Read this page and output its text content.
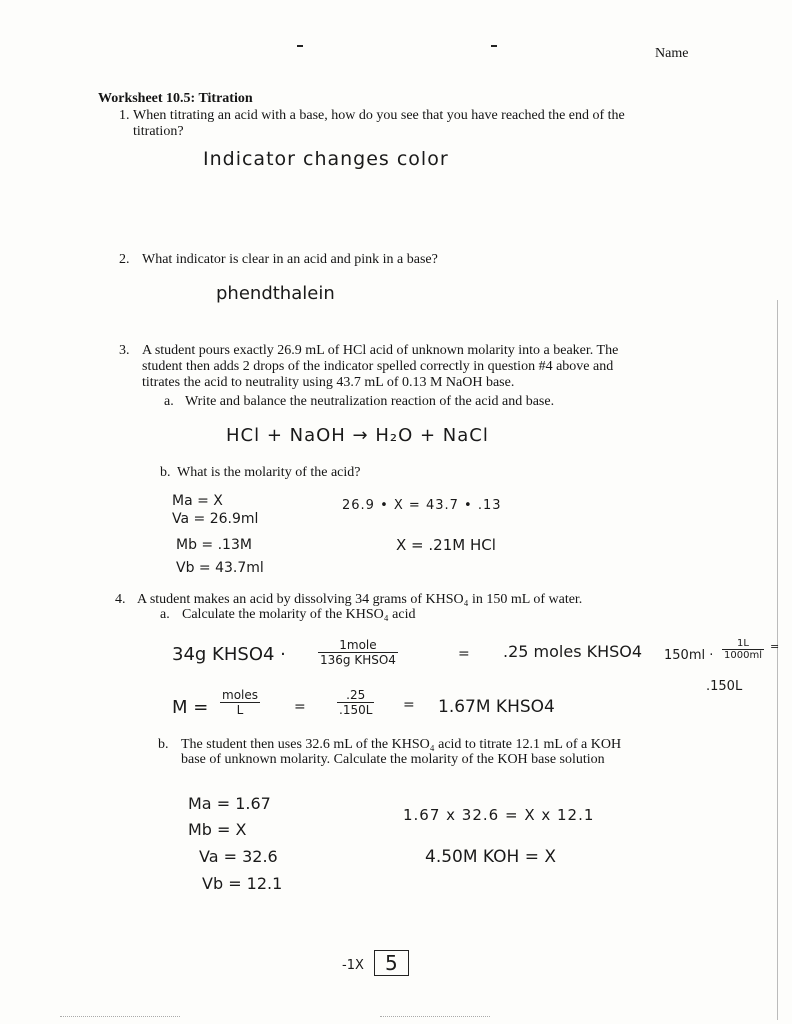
Name
Worksheet 10.5: Titration
1. When titrating an acid with a base, how do you see that you have reached the end of the
titration?
Indicator changes color
2. What indicator is clear in an acid and pink in a base?
phendthalein
3. A student pours exactly 26.9 mL of HCl acid of unknown molarity into a beaker. The
student then adds 2 drops of the indicator spelled correctly in question #4 above and
titrates the acid to neutrality using 43.7 mL of 0.13 M NaOH base.
a. Write and balance the neutralization reaction of the acid and base.
HCl + NaOH → H₂O + NaCl
b. What is the molarity of the acid?
Ma = X
Va = 26.9ml
Mb = .13M
Vb = 43.7ml
26.9 • X = 43.7 • .13
X = .21M HCl
4. A student makes an acid by dissolving 34 grams of KHSO₄ in 150 mL of water.
a. Calculate the molarity of the KHSO₄ acid
34g KHSO4 ·	1mole
136g KHSO4	= .25 moles KHSO4 $150ml \cdot \frac{1L}{1000ml}$ =
.150L
M =
moles
L	=	$\frac{.25}{.150L} = 1.67M$ KHSO4
b. The student then uses 32.6 mL of the KHSO₄ acid to titrate 12.1 mL of a KOH
base of unknown molarity. Calculate the molarity of the KOH base solution
Ma = 1.67
Mb = X
Va = 32.6
Vb = 12.1
1.67 x 32.6 = X x 12.1
4.50M KOH = X
-1X	5
